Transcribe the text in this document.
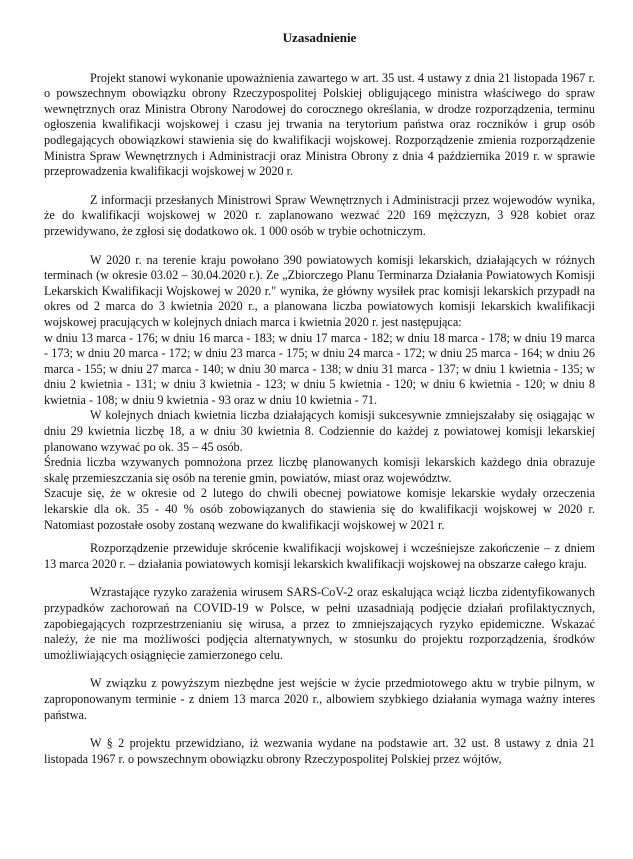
Uzasadnienie

Projekt stanowi wykonanie upoważnienia zawartego w art. 35 ust. 4 ustawy z dnia 21 listopada 1967 r. o powszechnym obowiązku obrony Rzeczypospolitej Polskiej obligującego ministra właściwego do spraw wewnętrznych oraz Ministra Obrony Narodowej do corocznego określania, w drodze rozporządzenia, terminu ogłoszenia kwalifikacji wojskowej i czasu jej trwania na terytorium państwa oraz roczników i grup osób podlegających obowiązkowi stawienia się do kwalifikacji wojskowej. Rozporządzenie zmienia rozporządzenie Ministra Spraw Wewnętrznych i Administracji oraz Ministra Obrony z dnia 4 października 2019 r. w sprawie przeprowadzenia kwalifikacji wojskowej w 2020 r.

Z informacji przesłanych Ministrowi Spraw Wewnętrznych i Administracji przez wojewodów wynika, że do kwalifikacji wojskowej w 2020 r. zaplanowano wezwać 220 169 mężczyzn, 3 928 kobiet oraz przewidywano, że zgłosi się dodatkowo ok. 1 000 osób w trybie ochotniczym.

W 2020 r. na terenie kraju powołano 390 powiatowych komisji lekarskich, działających w różnych terminach (w okresie 03.02 – 30.04.2020 r.). Ze „Zbiorczego Planu Terminarza Działania Powiatowych Komisji Lekarskich Kwalifikacji Wojskowej w 2020 r." wynika, że główny wysiłek prac komisji lekarskich przypadł na okres od 2 marca do 3 kwietnia 2020 r., a planowana liczba powiatowych komisji lekarskich kwalifikacji wojskowej pracujących w kolejnych dniach marca i kwietnia 2020 r. jest następująca:

w dniu 13 marca - 176; w dniu 16 marca - 183; w dniu 17 marca - 182; w dniu 18 marca - 178; w dniu 19 marca - 173; w dniu 20 marca - 172; w dniu 23 marca - 175; w dniu 24 marca - 172; w dniu 25 marca - 164; w dniu 26 marca - 155; w dniu 27 marca - 140; w dniu 30 marca - 138; w dniu 31 marca - 137; w dniu 1 kwietnia - 135; w dniu 2 kwietnia - 131; w dniu 3 kwietnia - 123; w dniu 5 kwietnia - 120; w dniu 6 kwietnia - 120; w dniu 8 kwietnia - 108; w dniu 9 kwietnia - 93 oraz w dniu 10 kwietnia - 71.

W kolejnych dniach kwietnia liczba działających komisji sukcesywnie zmniejszałaby się osiągając w dniu 29 kwietnia liczbę 18, a w dniu 30 kwietnia 8. Codziennie do każdej z powiatowej komisji lekarskiej planowano wzywać po ok. 35 – 45 osób.

Średnia liczba wzywanych pomnożona przez liczbę planowanych komisji lekarskich każdego dnia obrazuje skalę przemieszczania się osób na terenie gmin, powiatów, miast oraz województw.

Szacuje się, że w okresie od 2 lutego do chwili obecnej powiatowe komisje lekarskie wydały orzeczenia lekarskie dla ok. 35 - 40 % osób zobowiązanych do stawienia się do kwalifikacji wojskowej w 2020 r. Natomiast pozostałe osoby zostaną wezwane do kwalifikacji wojskowej w 2021 r.

Rozporządzenie przewiduje skrócenie kwalifikacji wojskowej i wcześniejsze zakończenie – z dniem 13 marca 2020 r. – działania powiatowych komisji lekarskich kwalifikacji wojskowej na obszarze całego kraju.

Wzrastające ryzyko zarażenia wirusem SARS-CoV-2 oraz eskalująca wciąż liczba zidentyfikowanych przypadków zachorowań na COVID-19 w Polsce, w pełni uzasadniają podjęcie działań profilaktycznych, zapobiegających rozprzestrzenianiu się wirusa, a przez to zmniejszających ryzyko epidemiczne. Wskazać należy, że nie ma możliwości podjęcia alternatywnych, w stosunku do projektu rozporządzenia, środków umożliwiających osiągnięcie zamierzonego celu.

W związku z powyższym niezbędne jest wejście w życie przedmiotowego aktu w trybie pilnym, w zaproponowanym terminie - z dniem 13 marca 2020 r., albowiem szybkiego działania wymaga ważny interes państwa.

W § 2 projektu przewidziano, iż wezwania wydane na podstawie art. 32 ust. 8 ustawy z dnia 21 listopada 1967 r. o powszechnym obowiązku obrony Rzeczypospolitej Polskiej przez wójtów,
